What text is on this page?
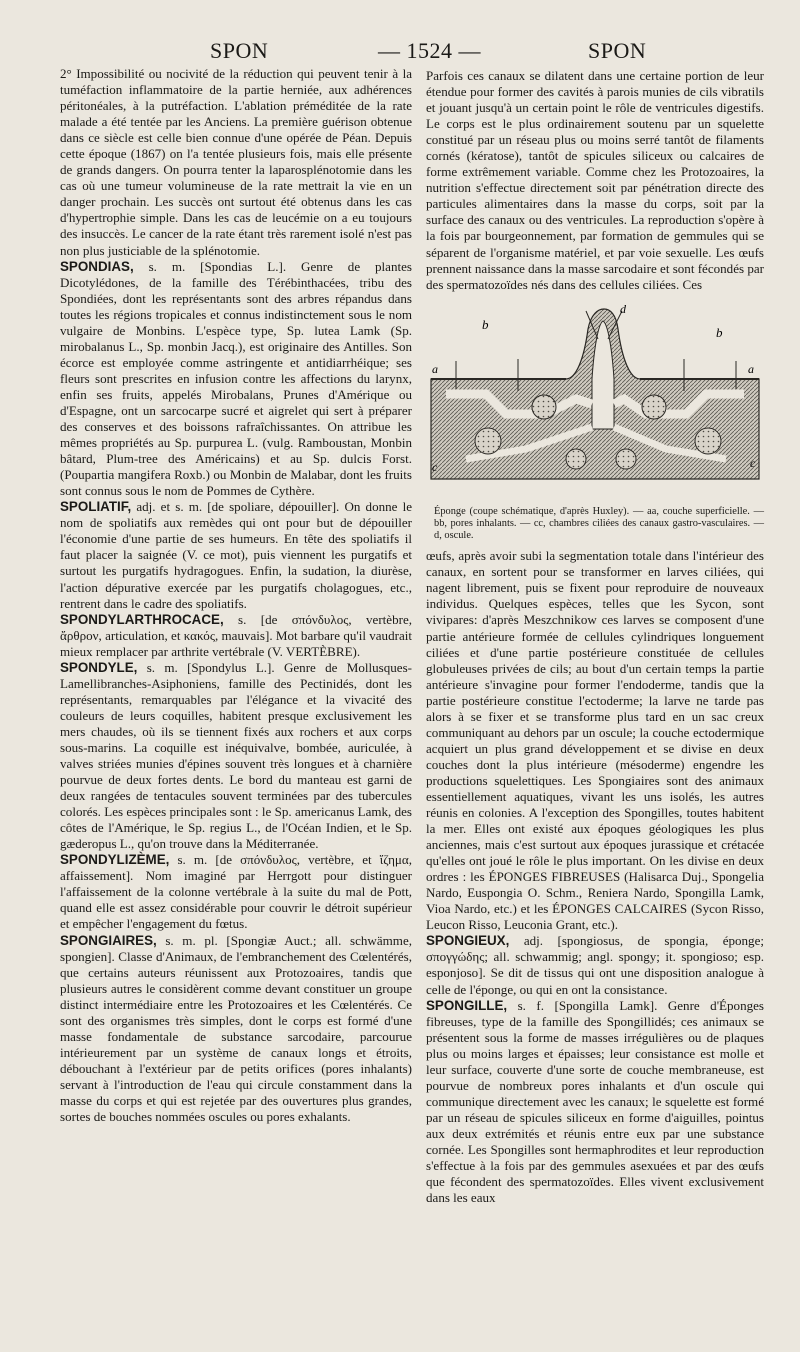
SPON	— 1524 —	SPON

2° Impossibilité ou nocivité de la réduction qui peuvent tenir à la tuméfaction inflammatoire de la partie herniée, aux adhérences péritonéales, à la putréfaction. L'ablation préméditée de la rate malade a été tentée par les Anciens. La première guérison obtenue dans ce siècle est celle bien connue d'une opérée de Péan. Depuis cette époque (1867) on l'a tentée plusieurs fois, mais elle présente de grands dangers. On pourra tenter la laparosplénotomie dans les cas où une tumeur volumineuse de la rate mettrait la vie en un danger prochain. Les succès ont surtout été obtenus dans les cas d'hypertrophie simple. Dans les cas de leucémie on a eu toujours des insuccès. Le cancer de la rate étant très rarement isolé n'est pas non plus justiciable de la splénotomie.

SPONDIAS, s. m. [Spondias L.]. Genre de plantes Dicotylédones, de la famille des Térébinthacées, tribu des Spondiées, dont les représentants sont des arbres répandus dans toutes les régions tropicales et connus indistinctement sous le nom vulgaire de Monbins. L'espèce type, Sp. lutea Lamk (Sp. mirobalanus L., Sp. monbin Jacq.), est originaire des Antilles. Son écorce est employée comme astringente et antidiarrhéique; ses fleurs sont prescrites en infusion contre les affections du larynx, enfin ses fruits, appelés Mirobalans, Prunes d'Amérique ou d'Espagne, ont un sarcocarpe sucré et aigrelet qui sert à préparer des conserves et des boissons rafraîchissantes. On attribue les mêmes propriétés au Sp. purpurea L. (vulg. Ramboustan, Monbin bâtard, Plum-tree des Américains) et au Sp. dulcis Forst. (Poupartia mangifera Roxb.) ou Monbin de Malabar, dont les fruits sont connus sous le nom de Pommes de Cythère.

SPOLIATIF, adj. et s. m. [de spoliare, dépouiller]. On donne le nom de spoliatifs aux remèdes qui ont pour but de dépouiller l'économie d'une partie de ses humeurs. En tête des spoliatifs il faut placer la saignée (V. ce mot), puis viennent les purgatifs et surtout les purgatifs hydragogues. Enfin, la sudation, la diurèse, l'action dépurative exercée par les purgatifs cholagogues, etc., rentrent dans le cadre des spoliatifs.

SPONDYLARTHROCACE, s. [de σπόνδυλος, vertèbre, ἄρθρον, articulation, et κακός, mauvais]. Mot barbare qu'il vaudrait mieux remplacer par arthrite vertébrale (V. VERTÈBRE).

SPONDYLE, s. m. [Spondylus L.]. Genre de Mollusques-Lamellibranches-Asiphoniens, famille des Pectinidés, dont les représentants, remarquables par l'élégance et la vivacité des couleurs de leurs coquilles, habitent presque exclusivement les mers chaudes, où ils se tiennent fixés aux rochers et aux corps sous-marins. La coquille est inéquivalve, bombée, auriculée, à valves striées munies d'épines souvent très longues et à charnière pourvue de deux fortes dents. Le bord du manteau est garni de deux rangées de tentacules souvent terminées par des tubercules colorés. Les espèces principales sont : le Sp. americanus Lamk, des côtes de l'Amérique, le Sp. regius L., de l'Océan Indien, et le Sp. gæderopus L., qu'on trouve dans la Méditerranée.

SPONDYLIZÈME, s. m. [de σπόνδυλος, vertèbre, et ἵζημα, affaissement]. Nom imaginé par Herrgott pour distinguer l'affaissement de la colonne vertébrale à la suite du mal de Pott, quand elle est assez considérable pour couvrir le détroit supérieur et empêcher l'engagement du fœtus.

SPONGIAIRES, s. m. pl. [Spongiæ Auct.; all. schwämme, spongien]. Classe d'Animaux, de l'embranchement des Cœlentérés, que certains auteurs réunissent aux Protozoaires, tandis que plusieurs autres le considèrent comme devant constituer un groupe distinct intermédiaire entre les Protozoaires et les Cœlentérés. Ce sont des organismes très simples, dont le corps est formé d'une masse fondamentale de substance sarcodaire, parcourue intérieurement par un système de canaux longs et étroits, débouchant à l'extérieur par de petits orifices (pores inhalants) servant à l'introduction de l'eau qui circule constamment dans la masse du corps et qui est rejetée par des ouvertures plus grandes, sortes de bouches nommées oscules ou pores exhalants.

Parfois ces canaux se dilatent dans une certaine portion de leur étendue pour former des cavités à parois munies de cils vibratils et jouant jusqu'à un certain point le rôle de ventricules digestifs. Le corps est le plus ordinairement soutenu par un squelette constitué par un réseau plus ou moins serré tantôt de filaments cornés (kératose), tantôt de spicules siliceux ou calcaires de forme extrêmement variable. Comme chez les Protozoaires, la nutrition s'effectue directement soit par pénétration directe des particules alimentaires dans la masse du corps, soit par la surface des canaux ou des ventricules. La reproduction s'opère à la fois par bourgeonnement, par formation de gemmules qui se séparent de l'organisme matériel, et par voie sexuelle. Les œufs prennent naissance dans la masse sarcodaire et sont fécondés par des spermatozoïdes nés dans des cellules ciliées. Ces

a	a
b
b
c	c
d
Éponge (coupe schématique, d'après Huxley). — aa, couche superficielle. — bb, pores inhalants. — cc, chambres ciliées des canaux gastro-vasculaires. — d, oscule.

œufs, après avoir subi la segmentation totale dans l'intérieur des canaux, en sortent pour se transformer en larves ciliées, qui nagent librement, puis se fixent pour reproduire de nouveaux individus. Quelques espèces, telles que les Sycon, sont vivipares: d'après Meszchnikow ces larves se composent d'une partie antérieure formée de cellules cylindriques longuement ciliées et d'une partie postérieure constituée de cellules globuleuses privées de cils; au bout d'un certain temps la partie antérieure s'invagine pour former l'endoderme, tandis que la partie postérieure constitue l'ectoderme; la larve ne tarde pas alors à se fixer et se transforme plus tard en un sac creux communiquant au dehors par un oscule; la couche ectodermique acquiert un plus grand développement et se divise en deux couches dont la plus intérieure (mésoderme) engendre les productions squelettiques. Les Spongiaires sont des animaux essentiellement aquatiques, vivant les uns isolés, les autres réunis en colonies. A l'exception des Spongilles, toutes habitent la mer. Elles ont existé aux époques géologiques les plus anciennes, mais c'est surtout aux époques jurassique et crétacée qu'elles ont joué le rôle le plus important. On les divise en deux ordres : les ÉPONGES FIBREUSES (Halisarca Duj., Spongelia Nardo, Euspongia O. Schm., Reniera Nardo, Spongilla Lamk, Vioa Nardo, etc.) et les ÉPONGES CALCAIRES (Sycon Risso, Leucon Risso, Leuconia Grant, etc.).

SPONGIEUX, adj. [spongiosus, de spongia, éponge; σπογγώδης; all. schwammig; angl. spongy; it. spongioso; esp. esponjoso]. Se dit de tissus qui ont une disposition analogue à celle de l'éponge, ou qui en ont la consistance.

SPONGILLE, s. f. [Spongilla Lamk]. Genre d'Éponges fibreuses, type de la famille des Spongillidés; ces animaux se présentent sous la forme de masses irrégulières ou de plaques plus ou moins larges et épaisses; leur consistance est molle et leur surface, couverte d'une sorte de couche membraneuse, est pourvue de nombreux pores inhalants et d'un oscule qui communique directement avec les canaux; le squelette est formé par un réseau de spicules siliceux en forme d'aiguilles, pointus aux deux extrémités et réunis entre eux par une substance cornée. Les Spongilles sont hermaphrodites et leur reproduction s'effectue à la fois par des gemmules asexuées et par des œufs que fécondent des spermatozoïdes. Elles vivent exclusivement dans les eaux
